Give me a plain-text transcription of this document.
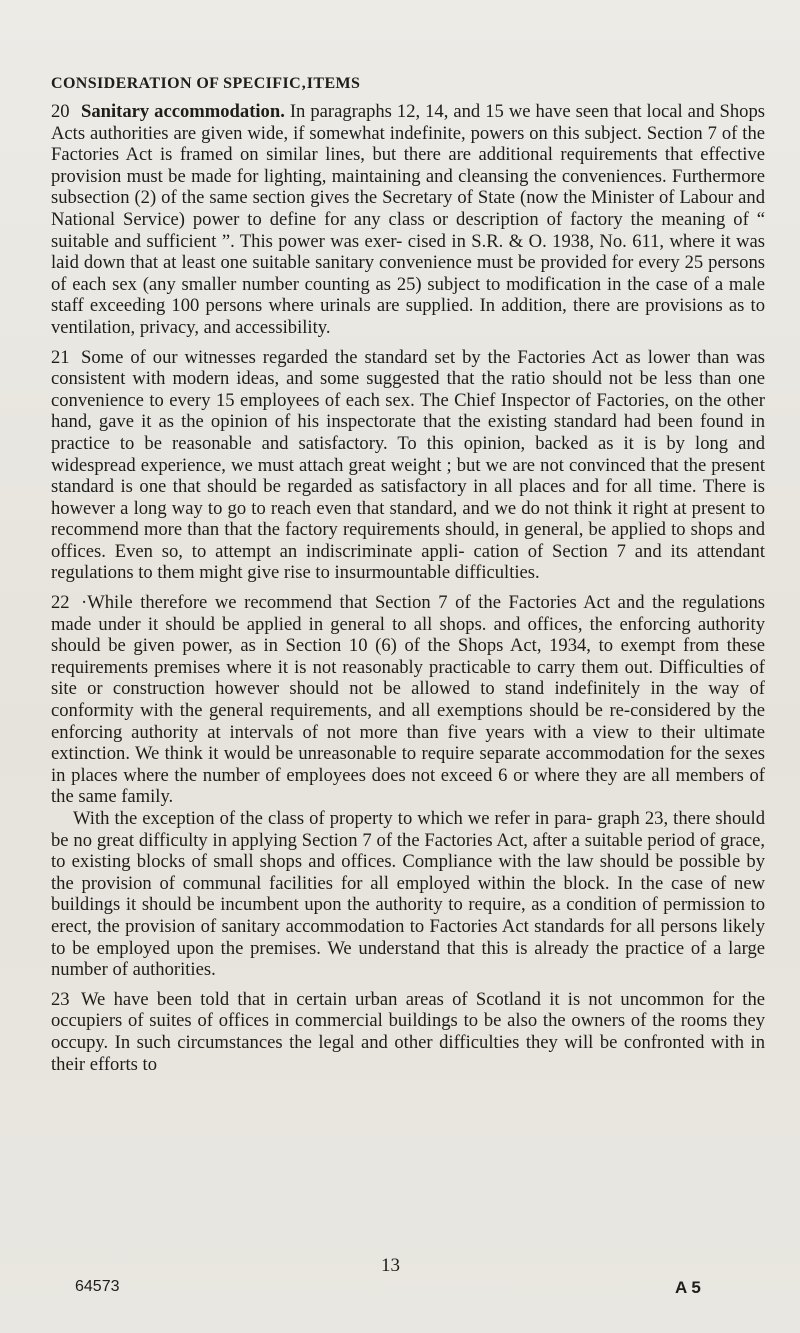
CONSIDERATION OF SPECIFIC‚ITEMS

20 Sanitary accommodation. In paragraphs 12, 14, and 15 we have seen that local and Shops Acts authorities are given wide, if somewhat indefinite, powers on this subject. Section 7 of the Factories Act is framed on similar lines, but there are additional requirements that effective provision must be made for lighting, maintaining and cleansing the conveniences. Furthermore subsection (2) of the same section gives the Secretary of State (now the Minister of Labour and National Service) power to define for any class or description of factory the meaning of “ suitable and sufficient ”. This power was exer- cised in S.R. & O. 1938, No. 611, where it was laid down that at least one suitable sanitary convenience must be provided for every 25 persons of each sex (any smaller number counting as 25) subject to modification in the case of a male staff exceeding 100 persons where urinals are supplied. In addition, there are provisions as to ventilation, privacy, and accessibility.

21 Some of our witnesses regarded the standard set by the Factories Act as lower than was consistent with modern ideas, and some suggested that the ratio should not be less than one convenience to every 15 employees of each sex. The Chief Inspector of Factories, on the other hand, gave it as the opinion of his inspectorate that the existing standard had been found in practice to be reasonable and satisfactory. To this opinion, backed as it is by long and widespread experience, we must attach great weight ; but we are not convinced that the present standard is one that should be regarded as satisfactory in all places and for all time. There is however a long way to go to reach even that standard, and we do not think it right at present to recommend more than that the factory requirements should, in general, be applied to shops and offices. Even so, to attempt an indiscriminate appli- cation of Section 7 and its attendant regulations to them might give rise to insurmountable difficulties.

22 ·While therefore we recommend that Section 7 of the Factories Act and the regulations made under it should be applied in general to all shops. and offices, the enforcing authority should be given power, as in Section 10 (6) of the Shops Act, 1934, to exempt from these requirements premises where it is not reasonably practicable to carry them out. Difficulties of site or construction however should not be allowed to stand indefinitely in the way of conformity with the general requirements, and all exemptions should be re-considered by the enforcing authority at intervals of not more than five years with a view to their ultimate extinction. We think it would be unreasonable to require separate accommodation for the sexes in places where the number of employees does not exceed 6 or where they are all members of the same family.

With the exception of the class of property to which we refer in para- graph 23, there should be no great difficulty in applying Section 7 of the Factories Act, after a suitable period of grace, to existing blocks of small shops and offices. Compliance with the law should be possible by the provision of communal facilities for all employed within the block. In the case of new buildings it should be incumbent upon the authority to require, as a condition of permission to erect, the provision of sanitary accommodation to Factories Act standards for all persons likely to be employed upon the premises. We understand that this is already the practice of a large number of authorities.

23 We have been told that in certain urban areas of Scotland it is not uncommon for the occupiers of suites of offices in commercial buildings to be also the owners of the rooms they occupy. In such circumstances the legal and other difficulties they will be confronted with in their efforts to

13
64573	A 5
